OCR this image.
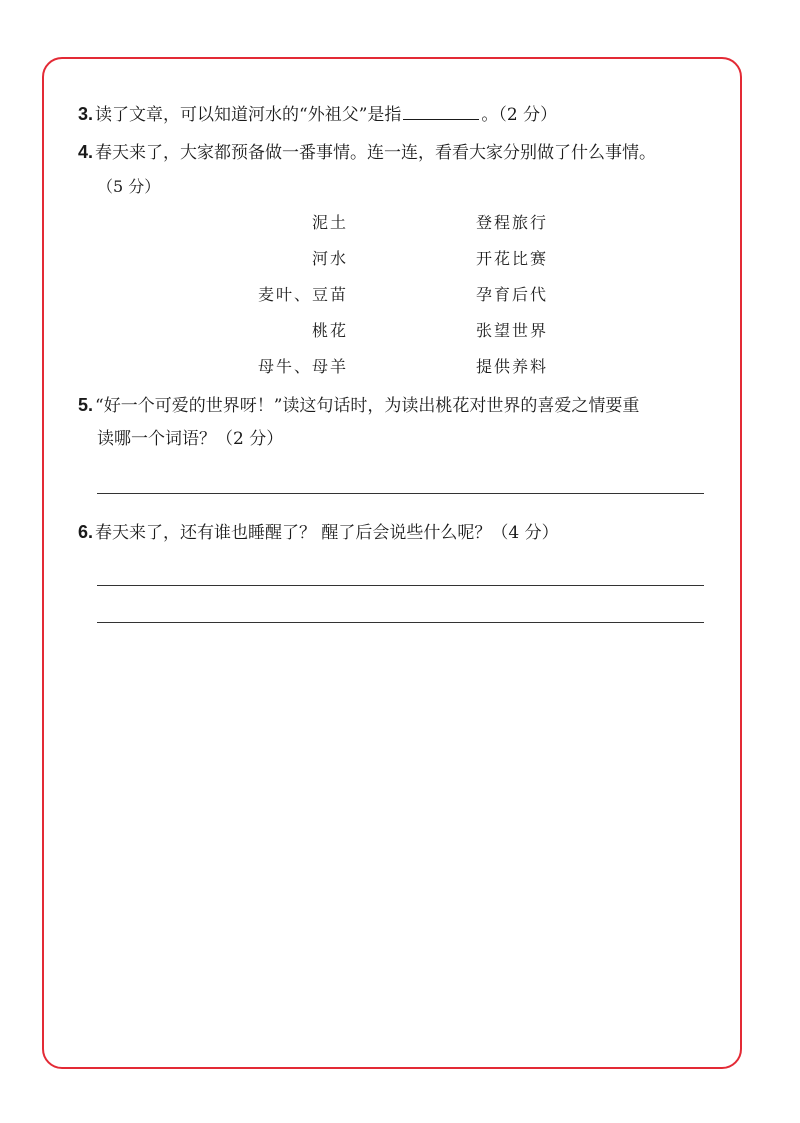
3. 读了文章，可以知道河水的“外祖父”是指	。（2 分）
4. 春天来了，大家都预备做一番事情。连一连，看看大家分别做了什么事情。
（5 分）
泥土
河水
麦叶、豆苗
桃花
母牛、母羊
登程旅行
开花比赛
孕育后代
张望世界
提供养料
5. “好一个可爱的世界呀！”读这句话时，为读出桃花对世界的喜爱之情要重
读哪一个词语？（2 分）
6. 春天来了，还有谁也睡醒了？ 醒了后会说些什么呢？（4 分）
